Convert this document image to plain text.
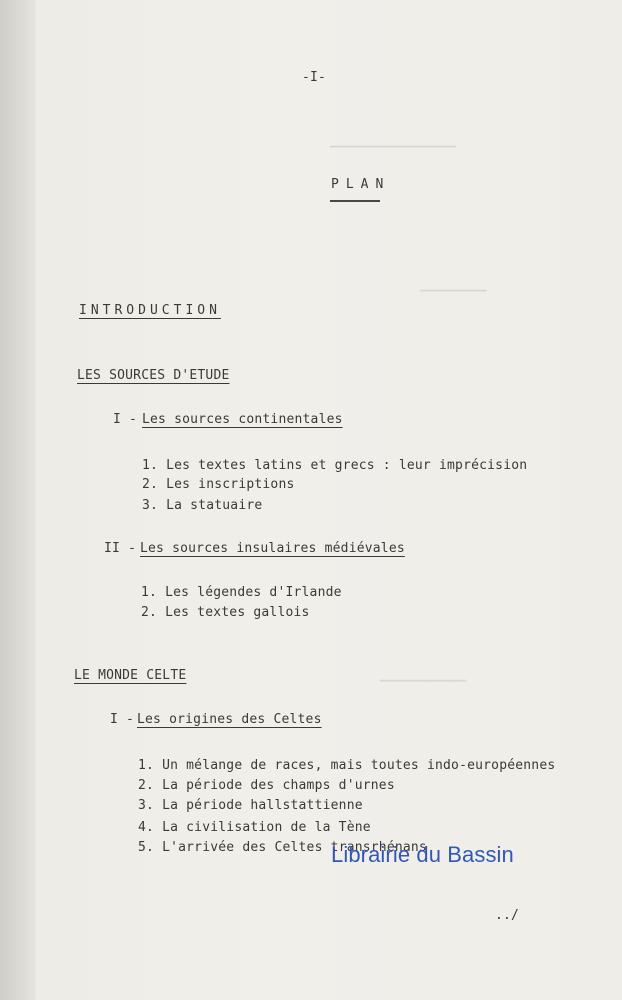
▔▔▔▔▔▔▔▔▔▔▔▔▔▔▔▔▔▔▔
▔▔▔▔▔▔▔▔▔▔
▔▔▔▔▔▔▔▔▔▔▔▔▔
-I-
PLAN
INTRODUCTION
LES SOURCES D'ETUDE
I - Les sources continentales
1. Les textes latins et grecs : leur imprécision
2. Les inscriptions
3. La statuaire
II - Les sources insulaires médiévales
1. Les légendes d'Irlande
2. Les textes gallois
LE MONDE CELTE
I - Les origines des Celtes
1. Un mélange de races, mais toutes indo-européennes
2. La période des champs d'urnes
3. La période hallstattienne
4. La civilisation de la Tène
5. L'arrivée des Celtes transrhénans
../
Librairie du Bassin
